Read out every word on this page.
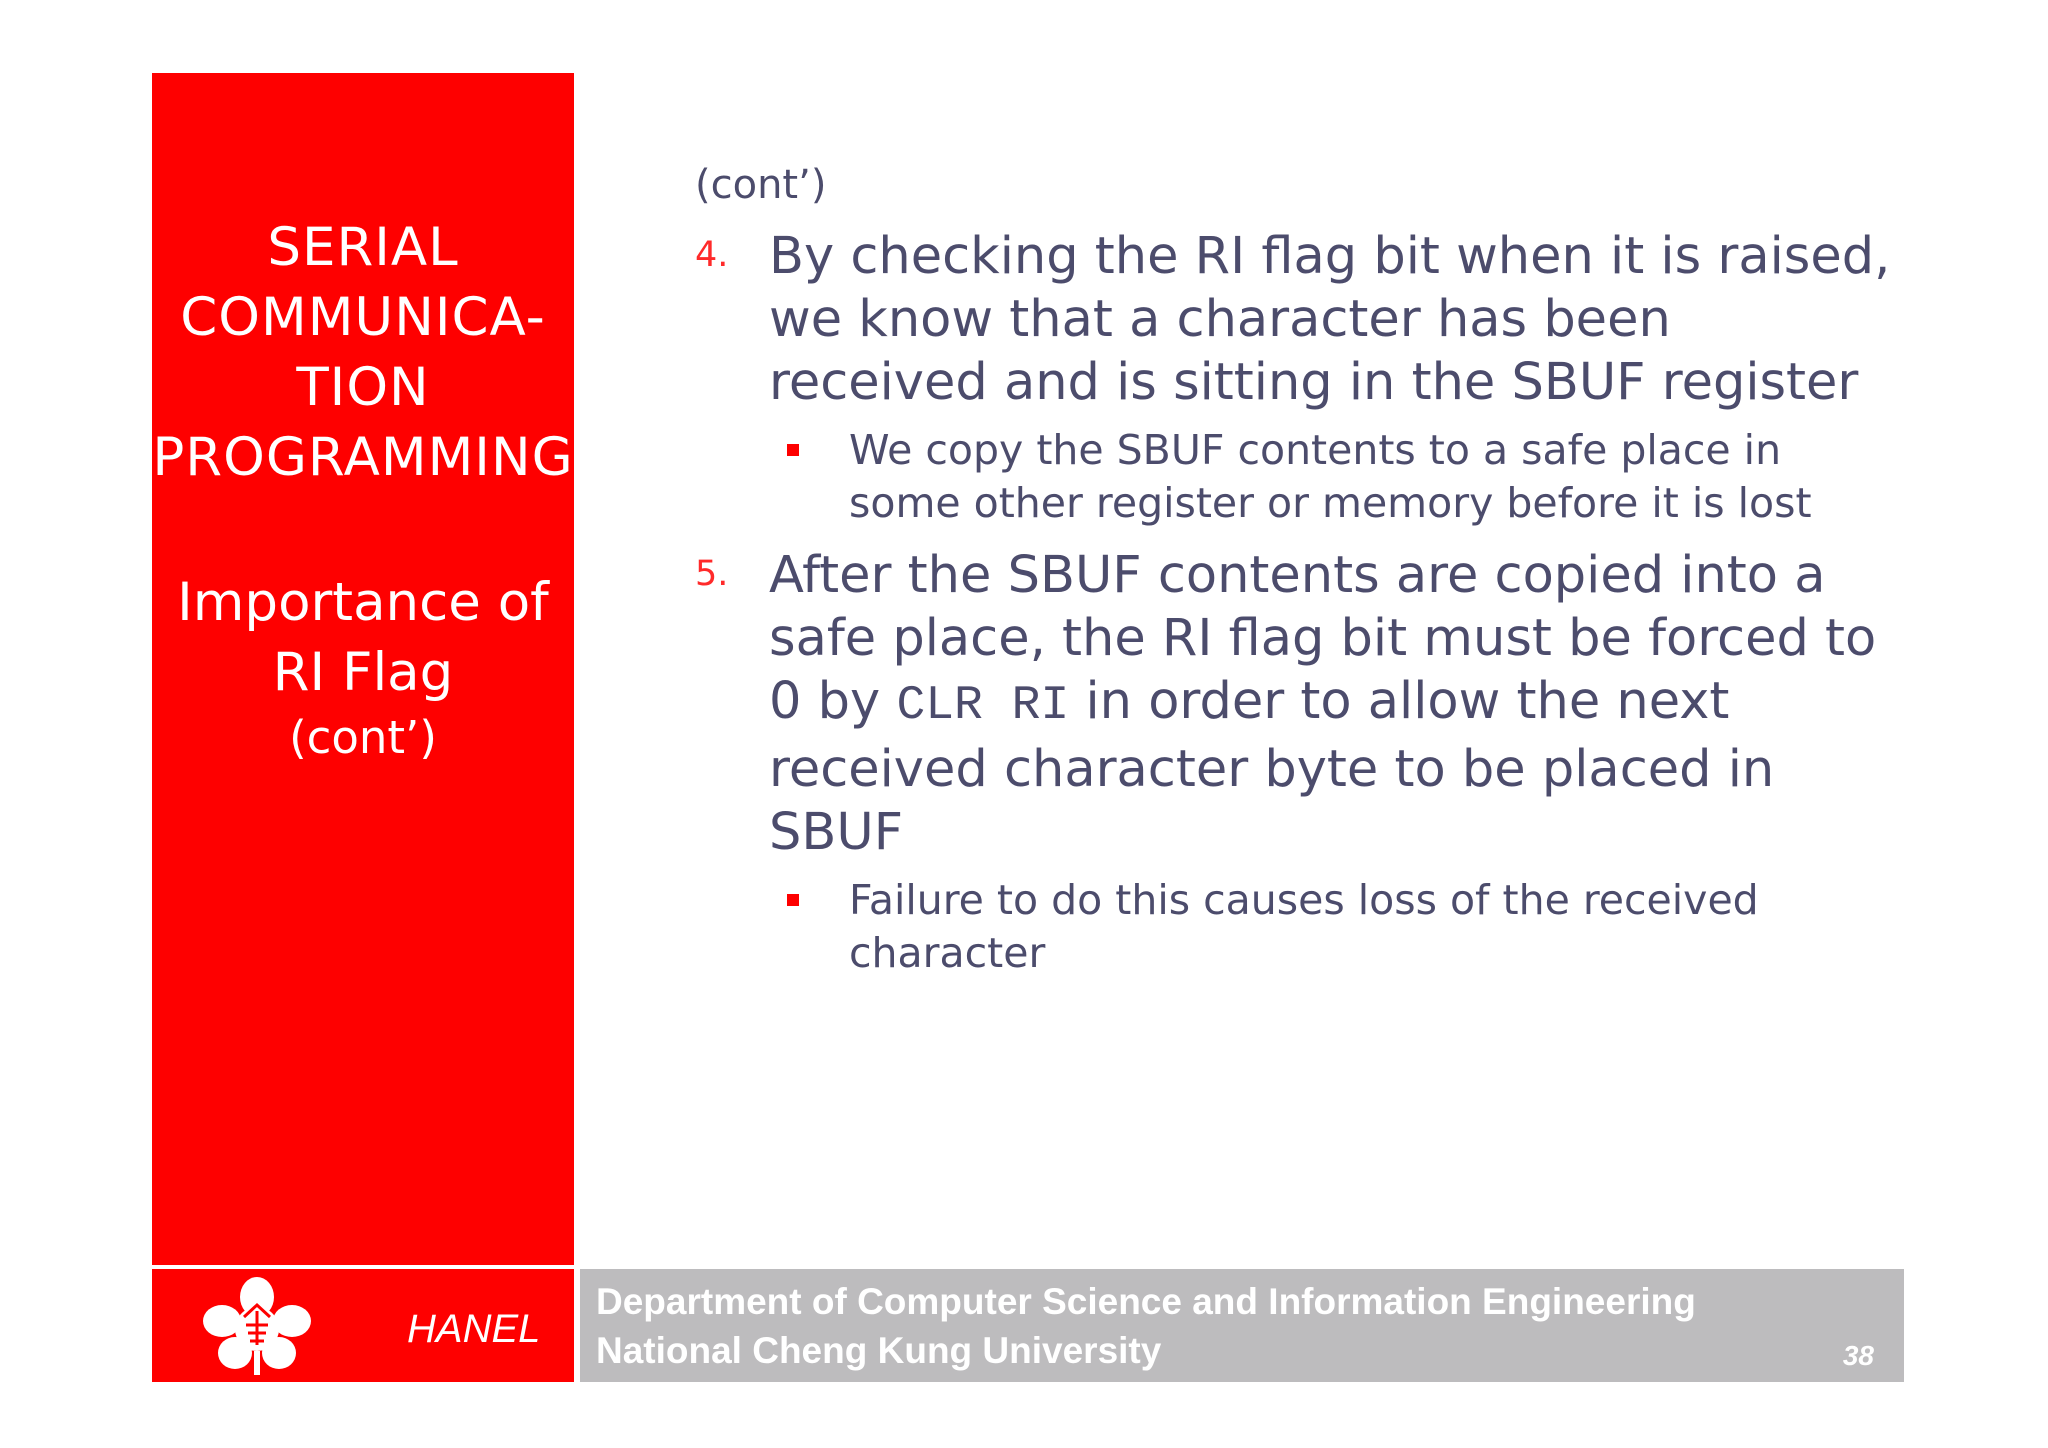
SERIAL
COMMUNICA-
TION
PROGRAMMING
Importance of
RI Flag
(cont’)
(cont’)
4. By checking the RI flag bit when it is raised, we know that a character has been received and is sitting in the SBUF register
We copy the SBUF contents to a safe place in some other register or memory before it is lost
5. After the SBUF contents are copied into a safe place, the RI flag bit must be forced to 0 by CLR RI in order to allow the next received character byte to be placed in SBUF
Failure to do this causes loss of the received character
HANEL
Department of Computer Science and Information Engineering
National Cheng Kung University	38
